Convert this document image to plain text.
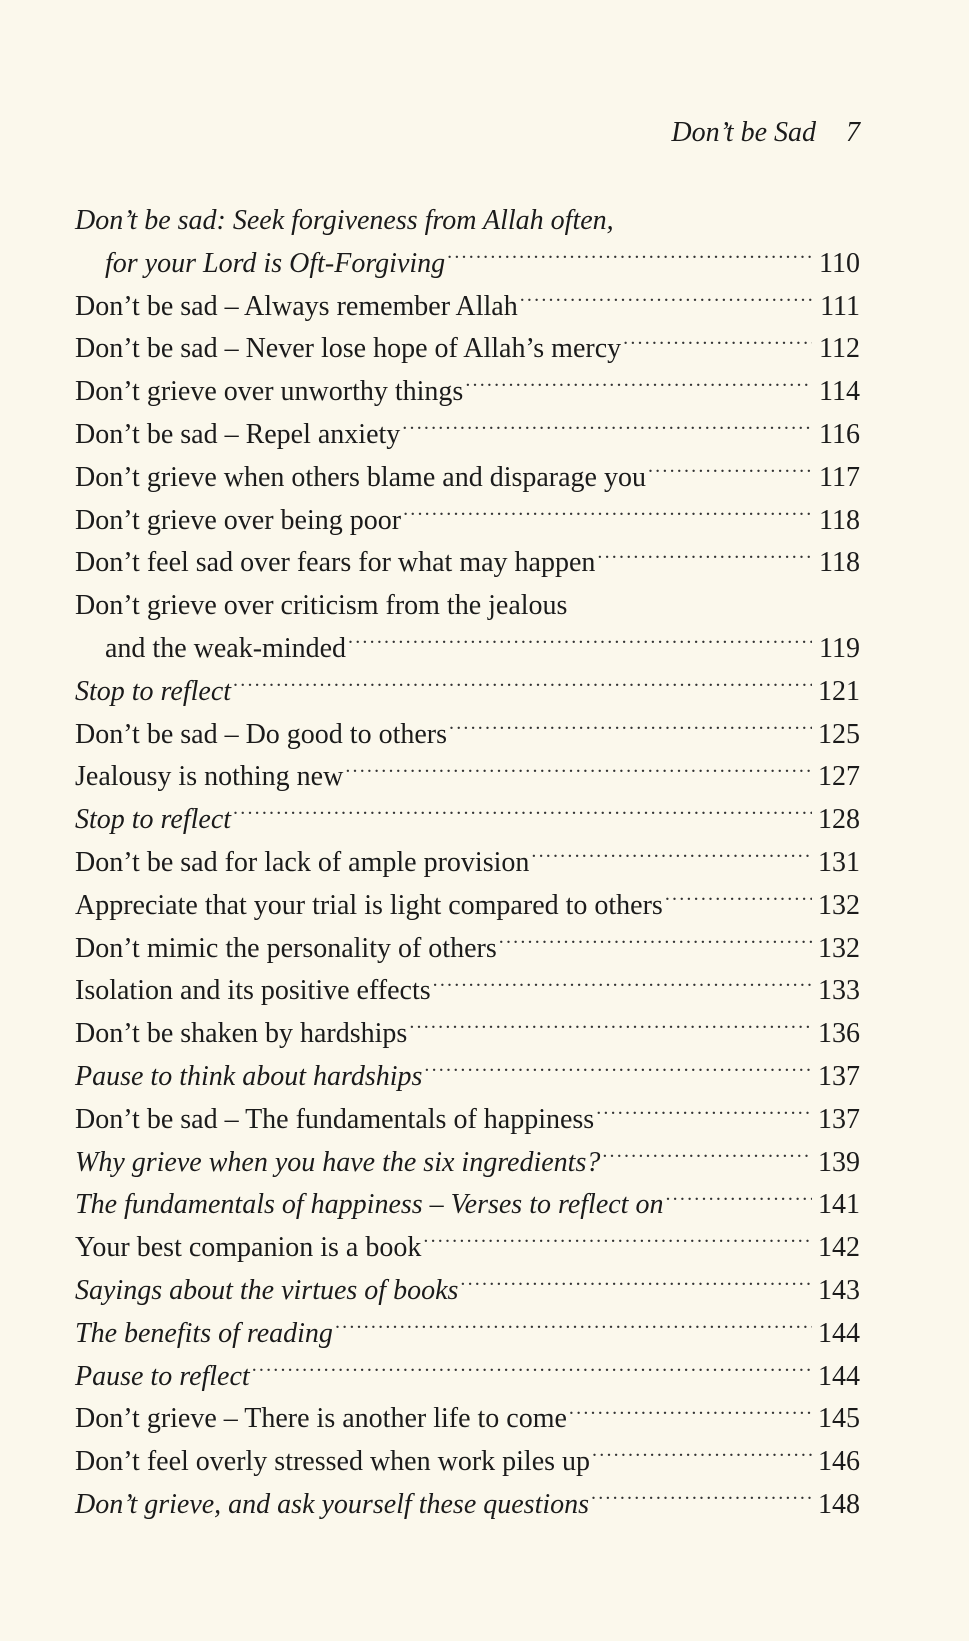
Don’t be Sad 7
Don’t be sad: Seek forgiveness from Allah often,
for your Lord is Oft-Forgiving .....	110
Don’t be sad – Always remember Allah .....	111
Don’t be sad – Never lose hope of Allah’s mercy .....	112
Don’t grieve over unworthy things .....	114
Don’t be sad – Repel anxiety .....	116
Don’t grieve when others blame and disparage you .....	117
Don’t grieve over being poor .....	118
Don’t feel sad over fears for what may happen .....	118
Don’t grieve over criticism from the jealous
and the weak-minded .....	119
Stop to reflect .....	121
Don’t be sad – Do good to others .....	125
Jealousy is nothing new .....	127
Stop to reflect .....	128
Don’t be sad for lack of ample provision .....	131
Appreciate that your trial is light compared to others .....	132
Don’t mimic the personality of others .....	132
Isolation and its positive effects .....	133
Don’t be shaken by hardships .....	136
Pause to think about hardships .....	137
Don’t be sad – The fundamentals of happiness .....	137
Why grieve when you have the six ingredients? .....	139
The fundamentals of happiness – Verses to reflect on .....	141
Your best companion is a book .....	142
Sayings about the virtues of books .....	143
The benefits of reading .....	144
Pause to reflect .....	144
Don’t grieve – There is another life to come .....	145
Don’t feel overly stressed when work piles up .....	146
Don’t grieve, and ask yourself these questions .....	148
